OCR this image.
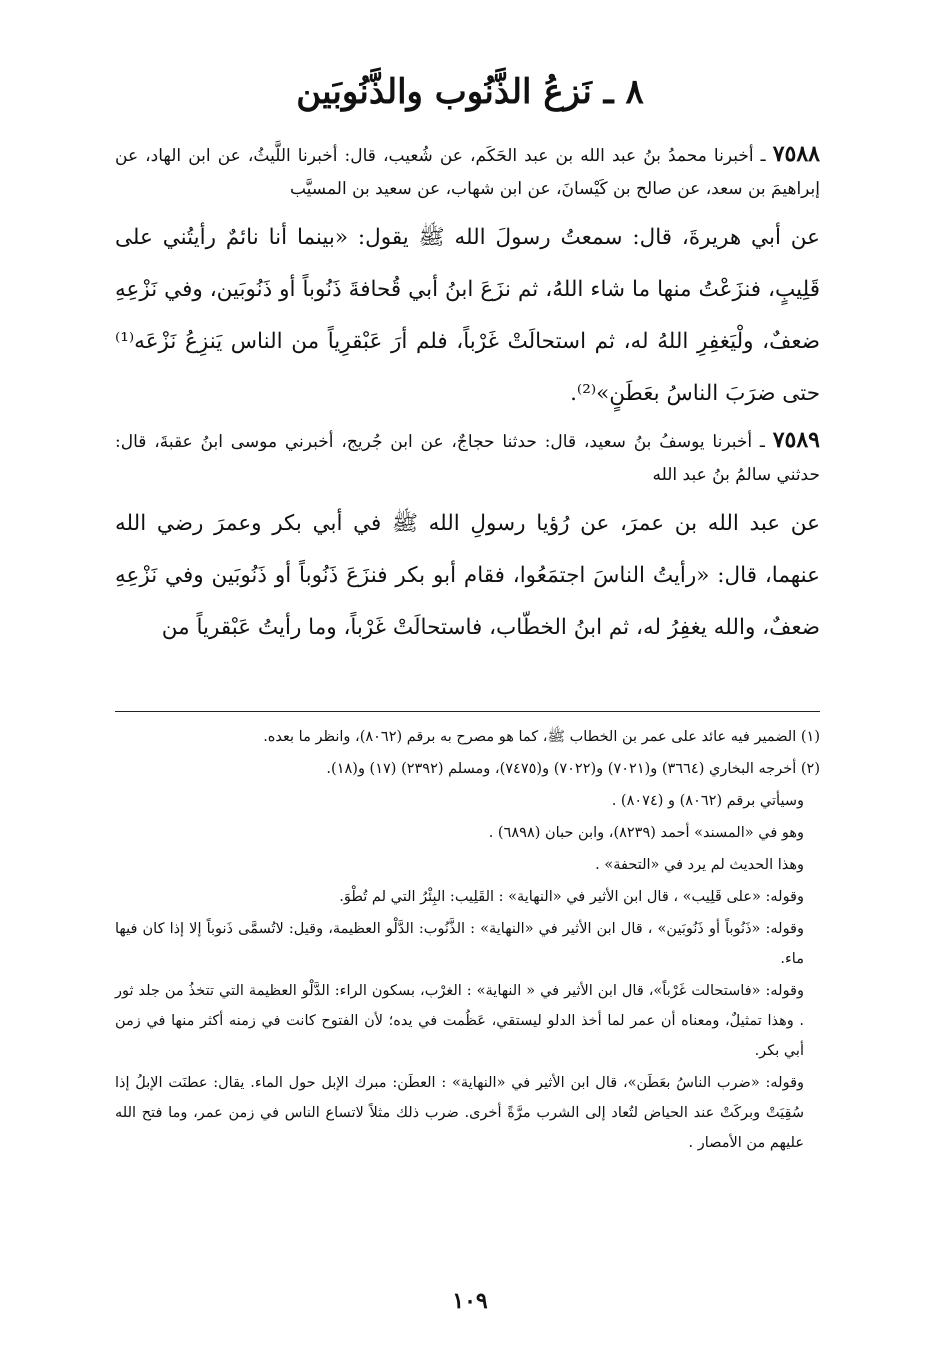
٨ ـ نَزعُ الذَّنُوب والذَّنُوبَين

٧٥٨٨ ـ أخبرنا محمدُ بنُ عبد الله بن عبد الحَكَم، عن شُعيب، قال: أخبرنا اللَّيثُ، عن ابن الهاد، عن إبراهيمَ بن سعد، عن صالح بن كَيْسانَ، عن ابن شهاب، عن سعيد بن المسيَّب

عن أبي هريرةَ، قال: سمعتُ رسولَ الله ﷺ يقول: «بينما أنا نائمٌ رأيتُني على قَلِيبٍ، فنزَعْتُ منها ما شاء اللهُ، ثم نزَعَ ابنُ أبي قُحافةَ ذَنُوباً أو ذَنُوبَين، وفي نَزْعِهِ ضعفٌ، ولْيَغفِرِ اللهُ له، ثم استحالَتْ غَرْباً، فلم أرَ عَبْقرِياً من الناس يَنزِعُ نَزْعَه⁽¹⁾ حتى ضرَبَ الناسُ بعَطَنٍ»⁽²⁾.

٧٥٨٩ ـ أخبرنا يوسفُ بنُ سعيد، قال: حدثنا حجاجٌ، عن ابن جُريج، أخبرني موسى ابنُ عقبةَ، قال: حدثني سالمُ بنُ عبد الله

عن عبد الله بن عمرَ، عن رُؤيا رسولِ الله ﷺ في أبي بكر وعمرَ رضي الله عنهما، قال: «رأيتُ الناسَ اجتمَعُوا، فقام أبو بكر فنزَعَ ذَنُوباً أو ذَنُوبَين وفي نَزْعِهِ ضعفٌ، والله يغفِرُ له، ثم ابنُ الخطّاب، فاستحالَتْ غَرْباً، وما رأيتُ عَبْقرياً من

(١) الضمير فيه عائد على عمر بن الخطاب ﷺ، كما هو مصرح به برقم (٨٠٦٢)، وانظر ما بعده.

(٢) أخرجه البخاري (٣٦٦٤) و(٧٠٢١) و(٧٠٢٢) و(٧٤٧٥)، ومسلم (٢٣٩٢) (١٧) و(١٨).

وسيأتي برقم (٨٠٦٢) و (٨٠٧٤) .

وهو في «المسند» أحمد (٨٢٣٩)، وابن حبان (٦٨٩٨) .

وهذا الحديث لم يرد في «التحفة» .

وقوله: «على قَلِيب» ، قال ابن الأثير في «النهاية» : القَلِيب: البِئْرُ التي لم تُطْوَ.

وقوله: «ذَنُوباً أو ذَنُوبَين» ، قال ابن الأثير في «النهاية» : الذَّنُوب: الدَّلْو العظيمة، وقيل: لاتُسمَّى ذَنوباً إلا إذا كان فيها ماء.

وقوله: «فاستحالت غَرْباً»، قال ابن الأثير في « النهاية» : الغرْب، بسكون الراء: الدَّلْو العظيمة التي تتخذُ من جلد ثور . وهذا تمثيلٌ، ومعناه أن عمر لما أخذ الدلو ليستقي، عَظُمت في يده؛ لأن الفتوح كانت في زمنه أكثر منها في زمن أبي بكر.

وقوله: «ضرب الناسُ بعَطَن»، قال ابن الأثير في «النهاية» : العطَن: مبرك الإبل حول الماء. يقال: عطنَت الإبلُ إذا سُقِيَتْ وبركَتْ عند الحياض لتُعاد إلى الشرب مرَّةً أخرى. ضرب ذلك مثلاً لاتساع الناس في زمن عمر، وما فتح الله عليهم من الأمصار .

١٠٩
